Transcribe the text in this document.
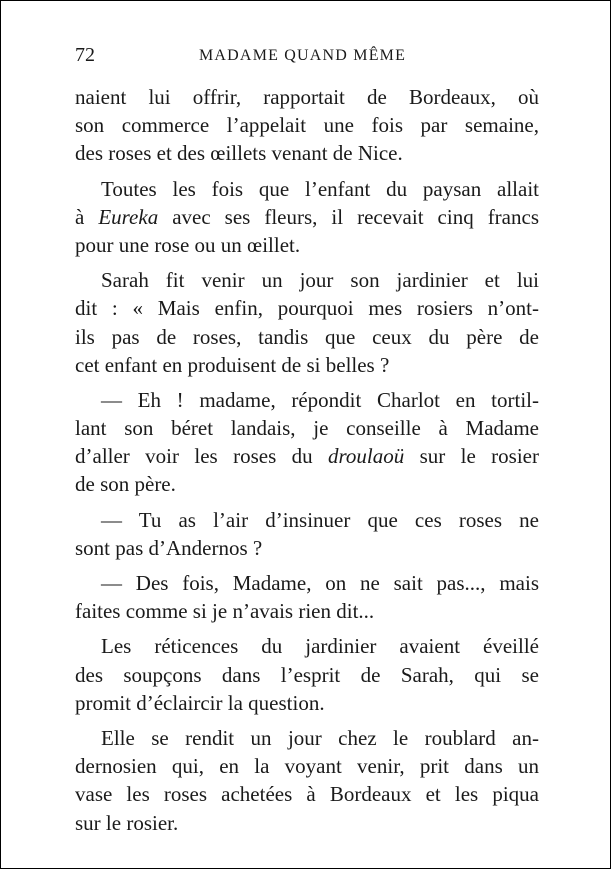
72	MADAME QUAND MÊME
naient lui offrir, rapportait de Bordeaux, où
son commerce l’appelait une fois par semaine,
des roses et des œillets venant de Nice.
Toutes les fois que l’enfant du paysan allait
à Eureka avec ses fleurs, il recevait cinq francs
pour une rose ou un œillet.
Sarah fit venir un jour son jardinier et lui
dit : « Mais enfin, pourquoi mes rosiers n’ont-
ils pas de roses, tandis que ceux du père de
cet enfant en produisent de si belles ?
— Eh ! madame, répondit Charlot en tortil-
lant son béret landais, je conseille à Madame
d’aller voir les roses du droulaoü sur le rosier
de son père.
— Tu as l’air d’insinuer que ces roses ne
sont pas d’Andernos ?
— Des fois, Madame, on ne sait pas..., mais
faites comme si je n’avais rien dit...
Les réticences du jardinier avaient éveillé
des soupçons dans l’esprit de Sarah, qui se
promit d’éclaircir la question.
Elle se rendit un jour chez le roublard an-
dernosien qui, en la voyant venir, prit dans un
vase les roses achetées à Bordeaux et les piqua
sur le rosier.
